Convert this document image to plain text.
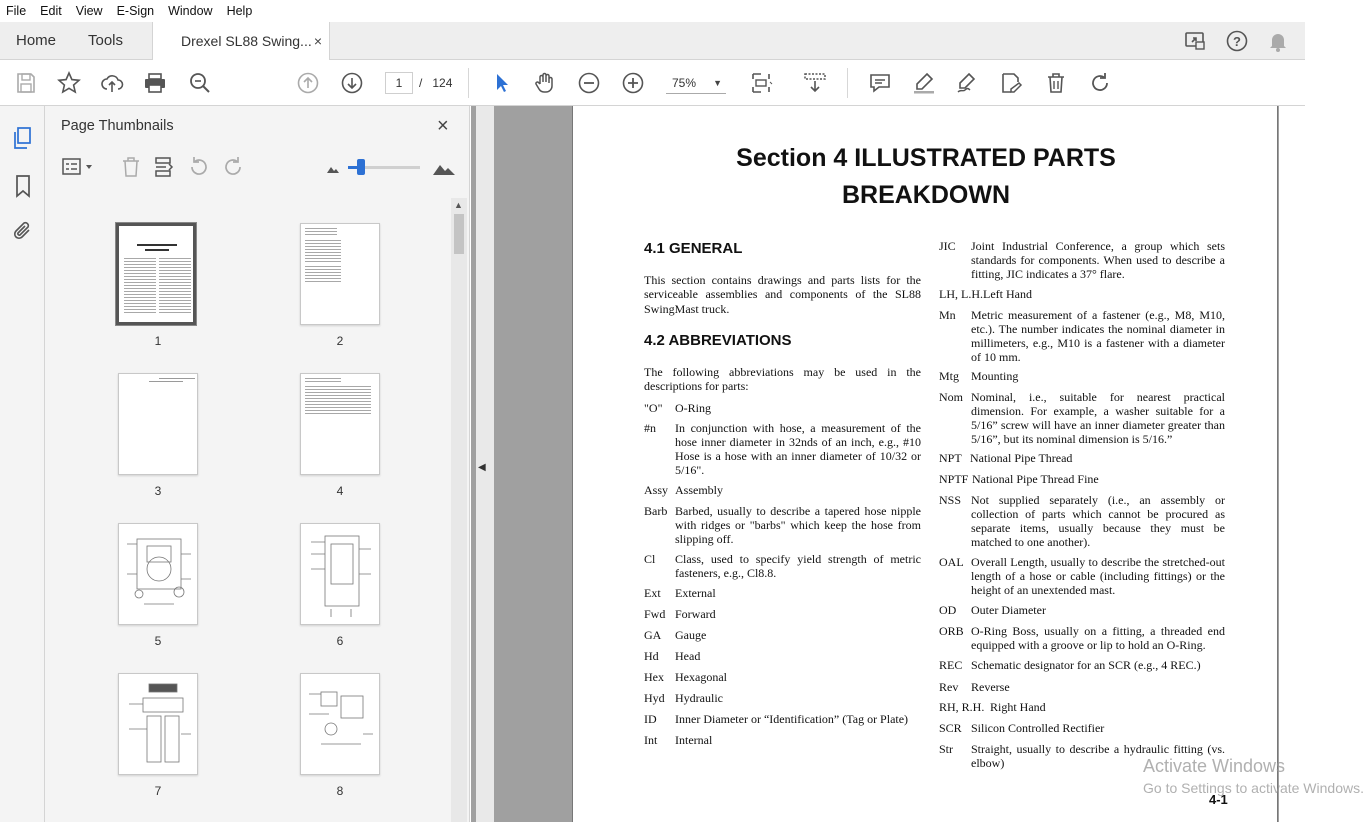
File Edit View E-Sign Window Help
Home Tools	Drexel SL88 Swing... ×	?
1	/ 124	75% ▼
Page Thumbnails	×
▲
1	2
3	4
5	6
7	8
◀
Section 4 ILLUSTRATED PARTS
BREAKDOWN
4.1 GENERAL
This section contains drawings and parts lists for the serviceable assemblies and components of the SL88 SwingMast truck.
4.2 ABBREVIATIONS
The following abbreviations may be used in the descriptions for parts:
4-1
"O" O-Ring
#n In conjunction with hose, a measurement of the hose inner diameter in 32nds of an inch, e.g., #10 Hose is a hose with an inner diameter of 10/32 or 5/16".
Assy Assembly
Barb Barbed, usually to describe a tapered hose nipple with ridges or "barbs" which keep the hose from slipping off.
Cl Class, used to specify yield strength of metric fasteners, e.g., Cl8.8.
Ext External
Fwd Forward
GA Gauge
Hd Head
Hex Hexagonal
Hyd Hydraulic
ID Inner Diameter or “Identification” (Tag or Plate)
Int Internal
JIC Joint Industrial Conference, a group which sets standards for components. When used to describe a fitting, JIC indicates a 37° flare.
LH, L.H. Left Hand
Mn Metric measurement of a fastener (e.g., M8, M10, etc.). The number indicates the nominal diameter in millimeters, e.g., M10 is a fastener with a diameter of 10 mm.
Mtg Mounting
Nom Nominal, i.e., suitable for nearest practical dimension. For example, a washer suitable for a 5/16” screw will have an inner diameter greater than 5/16”, but its nominal dimension is 5/16.”
NPT National Pipe Thread
NPTF National Pipe Thread Fine
NSS Not supplied separately (i.e., an assembly or collection of parts which cannot be procured as separate items, usually because they must be matched to one another).
OAL Overall Length, usually to describe the stretched-out length of a hose or cable (including fittings) or the height of an unextended mast.
OD Outer Diameter
ORB O-Ring Boss, usually on a fitting, a threaded end equipped with a groove or lip to hold an O-Ring.
REC Schematic designator for an SCR (e.g., 4 REC.)
Rev Reverse
RH, R.H. Right Hand
SCR Silicon Controlled Rectifier
Str Straight, usually to describe a hydraulic fitting (vs. elbow)	Activate Windows
Go to Settings to activate Windows.
